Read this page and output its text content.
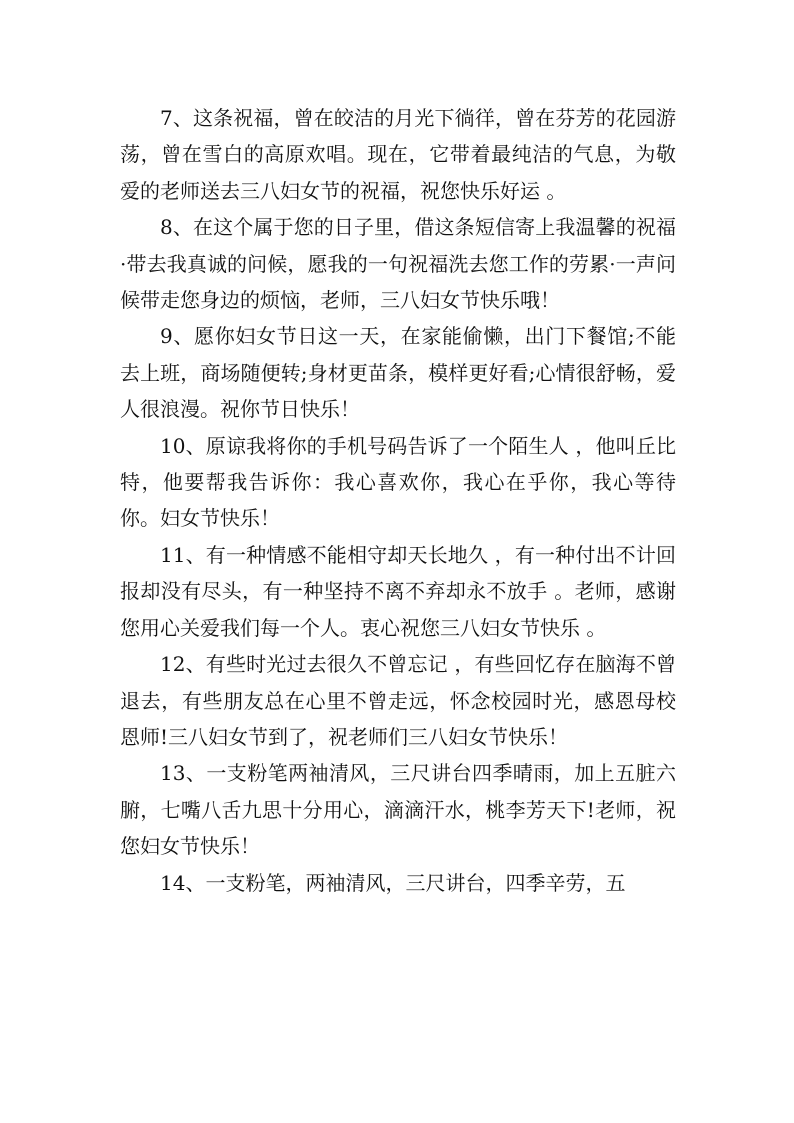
7、这条祝福，曾在皎洁的月光下徜徉，曾在芬芳的花园游荡，曾在雪白的高原欢唱。现在，它带着最纯洁的气息，为敬爱的老师送去三八妇女节的祝福，祝您快乐好运 。

8、在这个属于您的日子里，借这条短信寄上我温馨的祝福·带去我真诚的问候，愿我的一句祝福洗去您工作的劳累·一声问候带走您身边的烦恼，老师，三八妇女节快乐哦！

9、愿你妇女节日这一天，在家能偷懒，出门下餐馆;不能去上班，商场随便转;身材更苗条，模样更好看;心情很舒畅，爱人很浪漫。祝你节日快乐！

10、原谅我将你的手机号码告诉了一个陌生人 ，他叫丘比特，他要帮我告诉你：我心喜欢你，我心在乎你，我心等待你。妇女节快乐！

11、有一种情感不能相守却天长地久 ，有一种付出不计回报却没有尽头，有一种坚持不离不弃却永不放手 。老师，感谢您用心关爱我们每一个人。衷心祝您三八妇女节快乐 。

12、有些时光过去很久不曾忘记 ，有些回忆存在脑海不曾退去，有些朋友总在心里不曾走远，怀念校园时光，感恩母校恩师!三八妇女节到了，祝老师们三八妇女节快乐！

13、一支粉笔两袖清风，三尺讲台四季晴雨，加上五脏六腑，七嘴八舌九思十分用心，滴滴汗水，桃李芳天下!老师，祝您妇女节快乐！

14、一支粉笔，两袖清风，三尺讲台，四季辛劳，五
